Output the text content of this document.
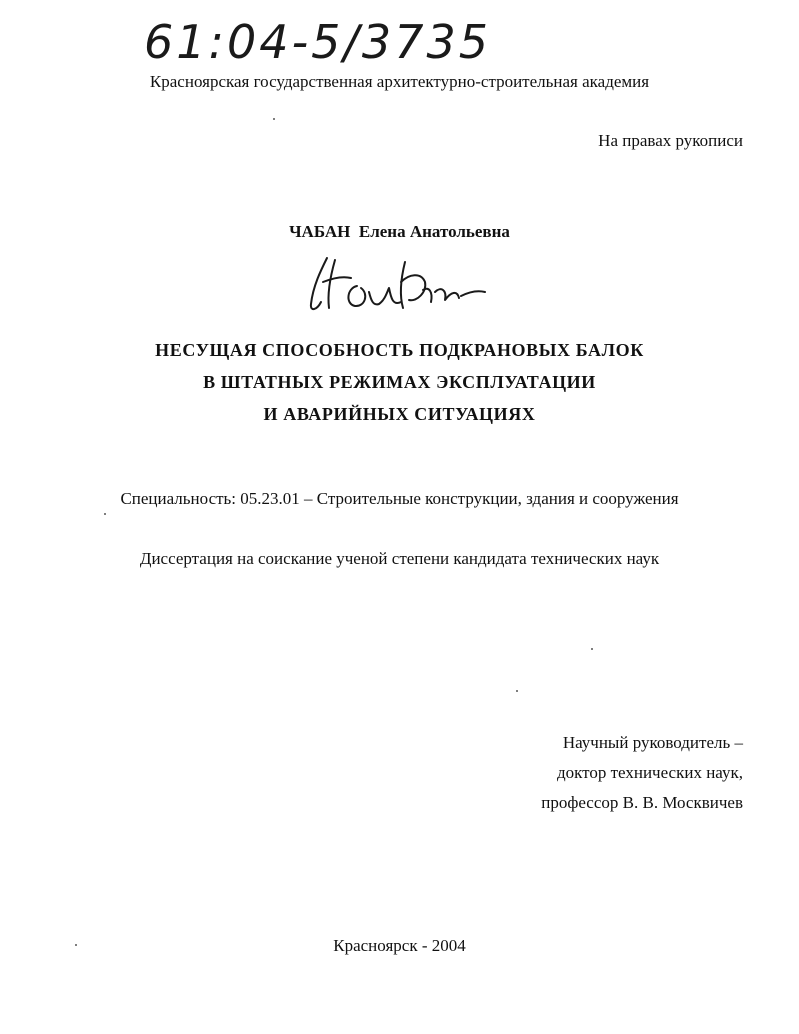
61:04-5/3735
Красноярская государственная архитектурно-строительная академия
На правах рукописи
ЧАБАН Елена Анатольевна
НЕСУЩАЯ СПОСОБНОСТЬ ПОДКРАНОВЫХ БАЛОК
В ШТАТНЫХ РЕЖИМАХ ЭКСПЛУАТАЦИИ
И АВАРИЙНЫХ СИТУАЦИЯХ
Специальность: 05.23.01 – Строительные конструкции, здания и сооружения
Диссертация на соискание ученой степени кандидата технических наук
Научный руководитель –
доктор технических наук,
профессор В. В. Москвичев
Красноярск - 2004
